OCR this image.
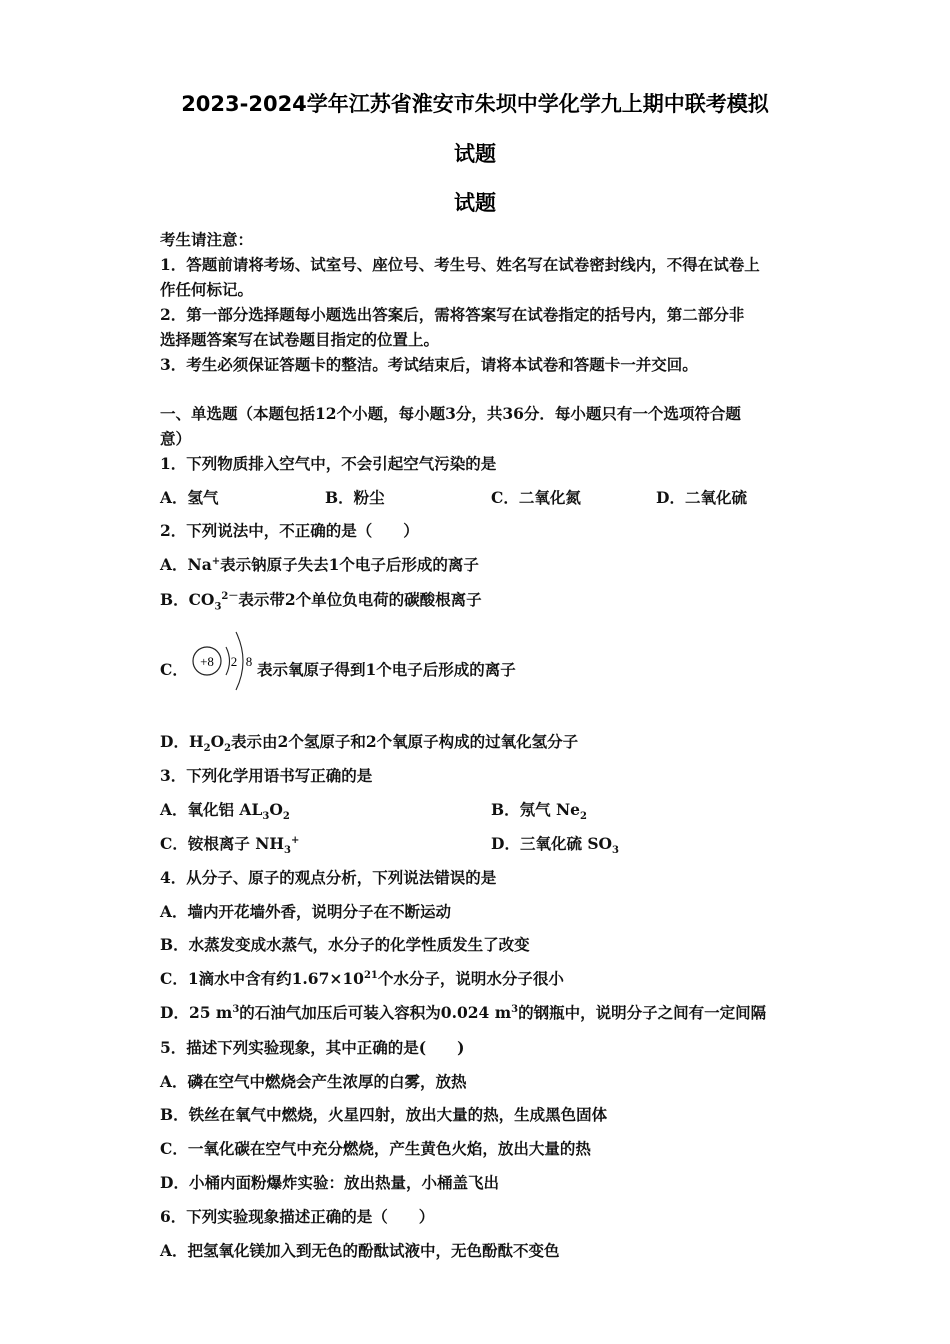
2023-2024学年江苏省淮安市朱坝中学化学九上期中联考模拟
试题
试题
考生请注意：
1．答题前请将考场、试室号、座位号、考生号、姓名写在试卷密封线内，不得在试卷上
作任何标记。
2．第一部分选择题每小题选出答案后，需将答案写在试卷指定的括号内，第二部分非
选择题答案写在试卷题目指定的位置上。
3．考生必须保证答题卡的整洁。考试结束后，请将本试卷和答题卡一并交回。
一、单选题（本题包括12个小题，每小题3分，共36分．每小题只有一个选项符合题
意）
1．下列物质排入空气中，不会引起空气污染的是
A．氢气	B．粉尘	C．二氧化氮	D．二氧化硫
2．下列说法中，不正确的是（　　）
A．Na+表示钠原子失去1个电子后形成的离子
B．$CO_3^{2-}$表示带2个单位负电荷的碳酸根离子
C． +8 2 8 表示氧原子得到1个电子后形成的离子
D．$H_2O_2$表示由2个氢原子和2个氧原子构成的过氧化氢分子
3．下列化学用语书写正确的是
A．氧化铝 $AL_3O_2$	B．氖气 $Ne_2$
C．铵根离子 $NH_3^+$	D．三氧化硫 $SO_3$
4．从分子、原子的观点分析，下列说法错误的是
A．墙内开花墙外香，说明分子在不断运动
B．水蒸发变成水蒸气，水分子的化学性质发生了改变
C．1滴水中含有约$1.67\times 10^{21}$个水分子，说明水分子很小
D．25 $m^3$的石油气加压后可装入容积为0.024 $m^3$的钢瓶中，说明分子之间有一定间隔
5．描述下列实验现象，其中正确的是(　　)
A．磷在空气中燃烧会产生浓厚的白雾，放热
B．铁丝在氧气中燃烧，火星四射，放出大量的热，生成黑色固体
C．一氧化碳在空气中充分燃烧，产生黄色火焰，放出大量的热
D．小桶内面粉爆炸实验：放出热量，小桶盖飞出
6．下列实验现象描述正确的是（　　）
A．把氢氧化镁加入到无色的酚酞试液中，无色酚酞不变色
